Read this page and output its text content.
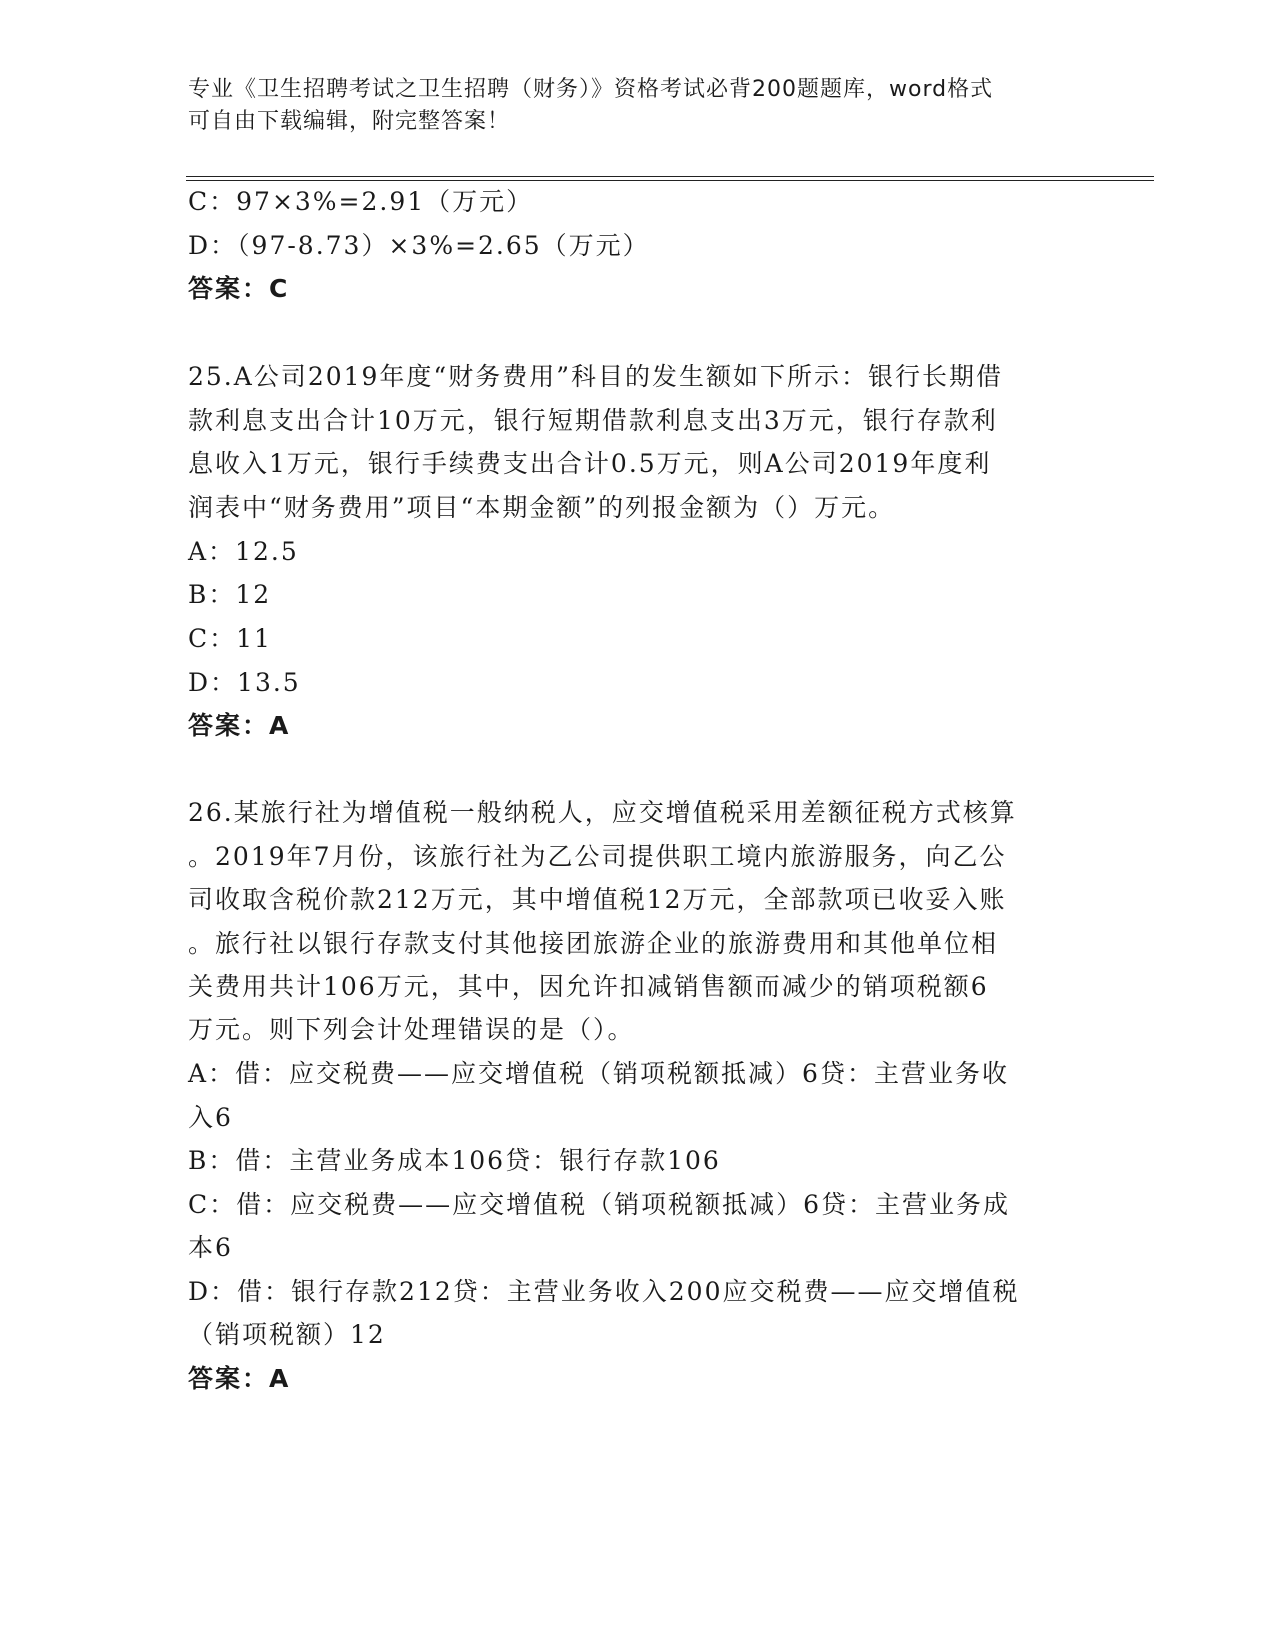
专业《卫生招聘考试之卫生招聘（财务）》资格考试必背200题题库，word格式

可自由下载编辑，附完整答案！

C：97×3%=2.91（万元）

D：（97-8.73）×3%=2.65（万元）

答案：C

25.A公司2019年度“财务费用”科目的发生额如下所示：银行长期借

款利息支出合计10万元，银行短期借款利息支出3万元，银行存款利

息收入1万元，银行手续费支出合计0.5万元，则A公司2019年度利

润表中“财务费用”项目“本期金额”的列报金额为（）万元。

A：12.5

B：12

C：11

D：13.5

答案：A

26.某旅行社为增值税一般纳税人，应交增值税采用差额征税方式核算

。2019年7月份，该旅行社为乙公司提供职工境内旅游服务，向乙公

司收取含税价款212万元，其中增值税12万元，全部款项已收妥入账

。旅行社以银行存款支付其他接团旅游企业的旅游费用和其他单位相

关费用共计106万元，其中，因允许扣减销售额而减少的销项税额6

万元。则下列会计处理错误的是（）。

A：借：应交税费——应交增值税（销项税额抵减）6贷：主营业务收

入6

B：借：主营业务成本106贷：银行存款106

C：借：应交税费——应交增值税（销项税额抵减）6贷：主营业务成

本6

D：借：银行存款212贷：主营业务收入200应交税费——应交增值税

（销项税额）12

答案：A
